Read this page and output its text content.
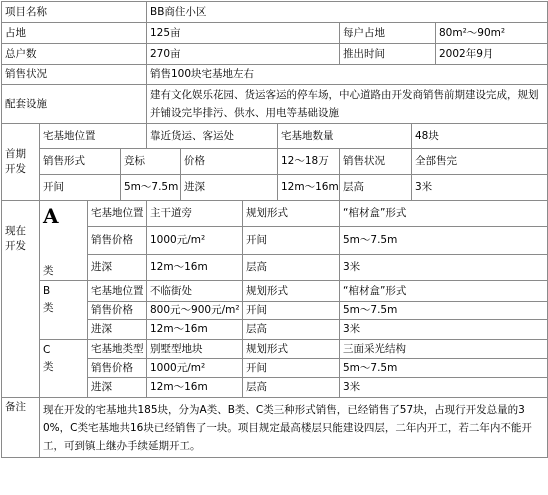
项目名称				BB商住小区						
占地				125亩				每户占地		80m²～90m²
总户数				270亩				推出时间		2002年9月
销售状况				销售100块宅基地左右						
配套设施				建有文化娱乐花园、货运客运的停车场，中心道路由开发商销售前期建设完成，规划并铺设完毕排污、供水、用电等基础设施						
首期开发	宅基地位置			靠近货运、客运处			宅基地数量		48块	
	销售形式		竞标		价格		12～18万	销售状况	全部售完	
	开间		5m～7.5m		进深		12m～16m	层高	3米	
现在开发	A
类	宅基地位置		主干道旁		规划形式		“棺材盒”形式		
		销售价格		1000元/m²		开间		5m～7.5m		
		进深		12m～16m		层高		3米		

	B
类	宅基地位置		不临街处		规划形式		“棺材盒”形式		
		销售价格		800元～900元/m²		开间		5m～7.5m		
		进深		12m～16m		层高		3米		

	C
类	宅基地类型		别墅型地块		规划形式		三面采光结构		
		销售价格		1000元/m²		开间		5m～7.5m		
		进深		12m～16m		层高		3米		
备注	现在开发的宅基地共185块，分为A类、B类、C类三种形式销售，已经销售了57块，占现行开发总量的30%，C类宅基地共16块已经销售了一块。项目规定最高楼层只能建设四层，二年内开工，若二年内不能开工，可到镇上继办手续延期开工。									
